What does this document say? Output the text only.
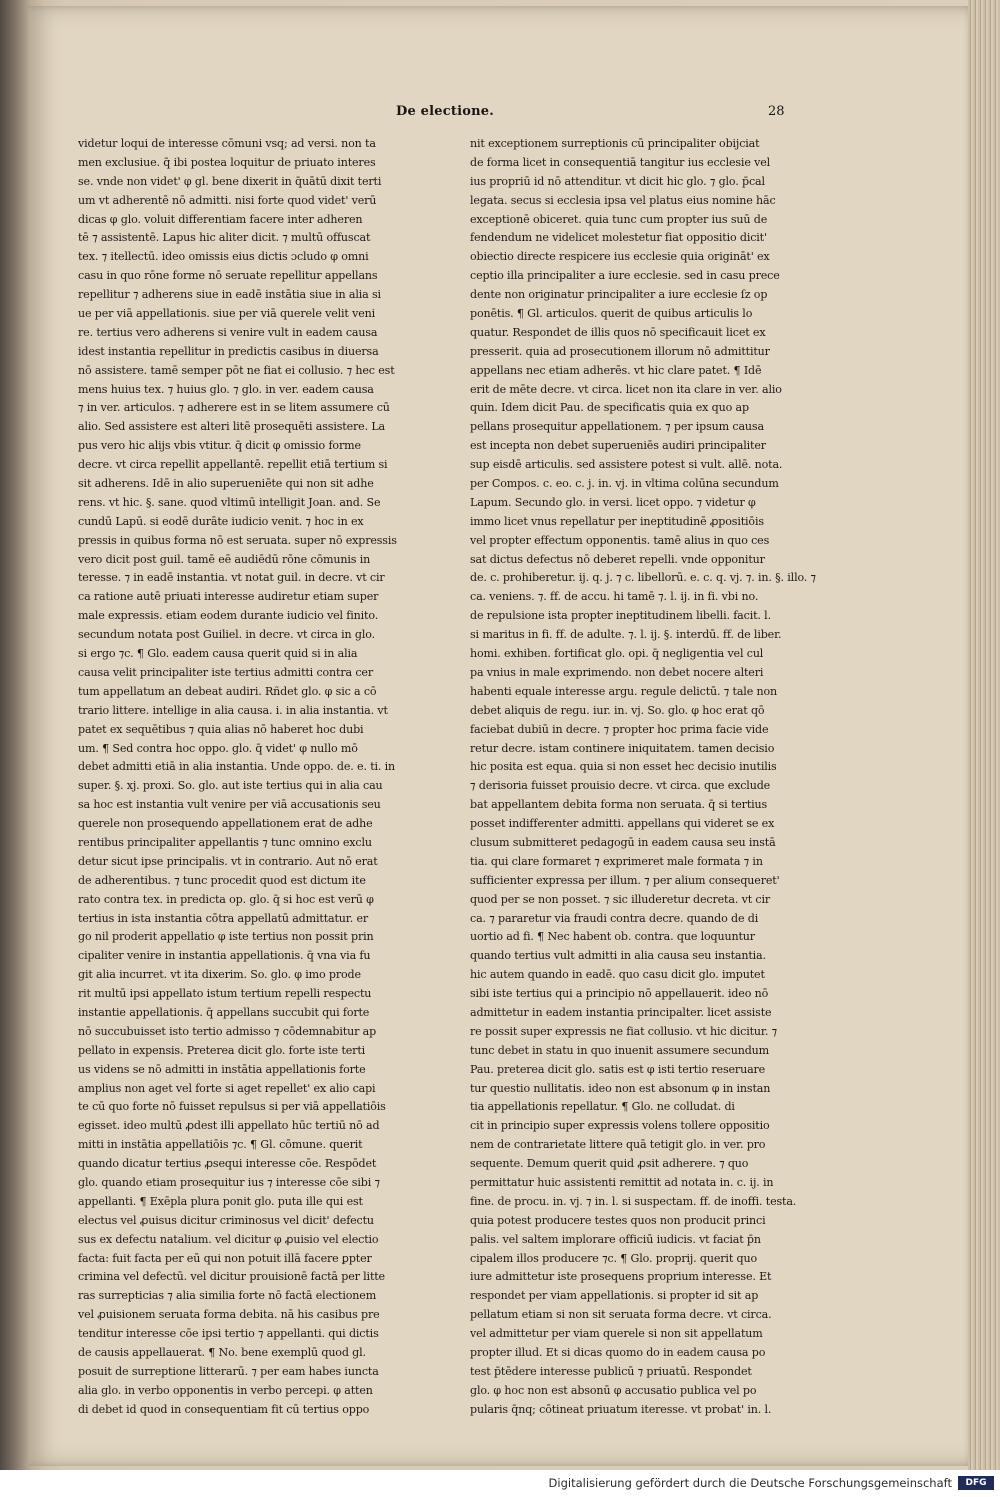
De electione.	28
videtur loqui de interesse cōmuni vsq; ad versi. non ta
men exclusiue. q̄ ibi postea loquitur de priuato interes
se. vnde non videt' φ gl. bene dixerit in q̄uātū dixit terti
um vt adherentē nō admitti. nisi forte quod videt' verū
dicas φ glo. voluit differentiam facere inter adheren
tē ⁊ assistentē. Lapus hic aliter dicit. ⁊ multū offuscat
tex. ⁊ itellectū. ideo omissis eius dictis ɔcludo φ omni
casu in quo rōne forme nō seruate repellitur appellans
repellitur ⁊ adherens siue in eadē instātia siue in alia si
ue per viā appellationis. siue per viā querele velit veni
re. tertius vero adherens si venire vult in eadem causa
idest instantia repellitur in predictis casibus in diuersa
nō assistere. tamē semper pōt ne fiat ei collusio. ⁊ hec est
mens huius tex. ⁊ huius glo. ⁊ glo. in ver. eadem causa
⁊ in ver. articulos. ⁊ adherere est in se litem assumere cū
alio. Sed assistere est alteri litē prosequēti assistere. La
pus vero hic alijs vbis vtitur. q̄ dicit φ omissio forme
decre. vt circa repellit appellantē. repellit etiā tertium si
sit adherens. Idē in alio superueniēte qui non sit adhe
rens. vt hic. §. sane. quod vltimū intelligit Joan. and. Se
cundū Lapū. si eodē durāte iudicio venit. ⁊ hoc in ex
pressis in quibus forma nō est seruata. super nō expressis
vero dicit post guil. tamē eē audiēdū rōne cōmunis in
teresse. ⁊ in eadē instantia. vt notat guil. in decre. vt cir
ca ratione autē priuati interesse audiretur etiam super
male expressis. etiam eodem durante iudicio vel finito.
secundum notata post Guiliel. in decre. vt circa in glo.
si ergo ⁊c. ¶ Glo. eadem causa querit quid si in alia
causa velit principaliter iste tertius admitti contra cer
tum appellatum an debeat audiri. Rñdet glo. φ sic a cō
trario littere. intellige in alia causa. i. in alia instantia. vt
patet ex sequētibus ⁊ quia alias nō haberet hoc dubi
um. ¶ Sed contra hoc oppo. glo. q̄ videt' φ nullo mō
debet admitti etiā in alia instantia. Unde oppo. de. e. ti. in
super. §. xj. proxi. So. glo. aut iste tertius qui in alia cau
sa hoc est instantia vult venire per viā accusationis seu
querele non prosequendo appellationem erat de adhe
rentibus principaliter appellantis ⁊ tunc omnino exclu
detur sicut ipse principalis. vt in contrario. Aut nō erat
de adherentibus. ⁊ tunc procedit quod est dictum ite
rato contra tex. in predicta op. glo. q̄ si hoc est verū φ
tertius in ista instantia cōtra appellatū admittatur. er
go nil proderit appellatio φ iste tertius non possit prin
cipaliter venire in instantia appellationis. q̄ vna via fu
git alia incurret. vt ita dixerim. So. glo. φ imo prode
rit multū ipsi appellato istum tertium repelli respectu
instantie appellationis. q̄ appellans succubit qui forte
nō succubuisset isto tertio admisso ⁊ cōdemnabitur ap
pellato in expensis. Preterea dicit glo. forte iste terti
us videns se nō admitti in instātia appellationis forte
amplius non aget vel forte si aget repellet' ex alio capi
te cū quo forte nō fuisset repulsus si per viā appellatiōis
egisset. ideo multū ꝓdest illi appellato hūc tertiū nō ad
mitti in instātia appellatiōis ⁊c. ¶ Gl. cōmune. querit
quando dicatur tertius ꝓsequi interesse cōe. Respōdet
glo. quando etiam prosequitur ius ⁊ interesse cōe sibi ⁊
appellanti. ¶ Exēpla plura ponit glo. puta ille qui est
electus vel ꝓuisus dicitur criminosus vel dicit' defectu
sus ex defectu natalium. vel dicitur φ ꝓuisio vel electio
facta: fuit facta per eū qui non potuit illā facere ꝑpter
crimina vel defectū. vel dicitur prouisionē factā per litte
ras surrepticias ⁊ alia similia forte nō factā electionem
vel ꝓuisionem seruata forma debita. nā his casibus pre
tenditur interesse cōe ipsi tertio ⁊ appellanti. qui dictis
de causis appellauerat. ¶ No. bene exemplū quod gl.
posuit de surreptione litterarū. ⁊ per eam habes iuncta
alia glo. in verbo opponentis in verbo percepi. φ atten
di debet id quod in consequentiam fit cū tertius oppo
nit exceptionem surreptionis cū principaliter obijciat
de forma licet in consequentiā tangitur ius ecclesie vel
ius propriū id nō attenditur. vt dicit hic glo. ⁊ glo. p̄cal
legata. secus si ecclesia ipsa vel platus eius nomine hāc
exceptionē obiceret. quia tunc cum propter ius suū de
fendendum ne videlicet molestetur fiat oppositio dicit'
obiectio directe respicere ius ecclesie quia origināt' ex
ceptio illa principaliter a iure ecclesie. sed in casu prece
dente non originatur principaliter a iure ecclesie ſz op
ponētis. ¶ Gl. articulos. querit de quibus articulis lo
quatur. Respondet de illis quos nō specificauit licet ex
presserit. quia ad prosecutionem illorum nō admittitur
appellans nec etiam adherēs. vt hic clare patet. ¶ Idē
erit de mēte decre. vt circa. licet non ita clare in ver. alio
quin. Idem dicit Pau. de specificatis quia ex quo ap
pellans prosequitur appellationem. ⁊ per ipsum causa
est incepta non debet superueniēs audiri principaliter
sup eisdē articulis. sed assistere potest si vult. allē. nota.
per Compos. c. eo. c. j. in. vj. in vltima colūna secundum
Lapum. Secundo glo. in versi. licet oppo. ⁊ videtur φ
immo licet vnus repellatur per ineptitudinē ꝓpositiōis
vel propter effectum opponentis. tamē alius in quo ces
sat dictus defectus nō deberet repelli. vnde opponitur
de. c. prohiberetur. ij. q. j. ⁊ c. libellorū. e. c. q. vj. ⁊. in. §. illo. ⁊
ca. veniens. ⁊. ff. de accu. hi tamē ⁊. l. ij. in fi. vbi no.
de repulsione ista propter ineptitudinem libelli. facit. l.
si maritus in fi. ff. de adulte. ⁊. l. ij. §. interdū. ff. de liber.
homi. exhiben. fortificat glo. opi. q̄ negligentia vel cul
pa vnius in male exprimendo. non debet nocere alteri
habenti equale interesse argu. regule delictū. ⁊ tale non
debet aliquis de regu. iur. in. vj. So. glo. φ hoc erat qō
faciebat dubiū in decre. ⁊ propter hoc prima facie vide
retur decre. istam continere iniquitatem. tamen decisio
hic posita est equa. quia si non esset hec decisio inutilis
⁊ derisoria fuisset prouisio decre. vt circa. que exclude
bat appellantem debita forma non seruata. q̄ si tertius
posset indifferenter admitti. appellans qui videret se ex
clusum submitteret pedagogū in eadem causa seu instā
tia. qui clare formaret ⁊ exprimeret male formata ⁊ in
sufficienter expressa per illum. ⁊ per alium consequeret'
quod per se non posset. ⁊ sic illuderetur decreta. vt cir
ca. ⁊ pararetur via fraudi contra decre. quando de di
uortio ad fi. ¶ Nec habent ob. contra. que loquuntur
quando tertius vult admitti in alia causa seu instantia.
hic autem quando in eadē. quo casu dicit glo. imputet
sibi iste tertius qui a principio nō appellauerit. ideo nō
admittetur in eadem instantia principalter. licet assiste
re possit super expressis ne fiat collusio. vt hic dicitur. ⁊
tunc debet in statu in quo inuenit assumere secundum
Pau. preterea dicit glo. satis est φ isti tertio reseruare
tur questio nullitatis. ideo non est absonum φ in instan
tia appellationis repellatur. ¶ Glo. ne colludat. di
cit in principio super expressis volens tollere oppositio
nem de contrarietate littere quā tetigit glo. in ver. pro
sequente. Demum querit quid ꝓsit adherere. ⁊ quo
permittatur huic assistenti remittit ad notata in. c. ij. in
fine. de procu. in. vj. ⁊ in. l. si suspectam. ff. de inoffi. testa.
quia potest producere testes quos non producit princi
palis. vel saltem implorare officiū iudicis. vt faciat p̄n
cipalem illos producere ⁊c. ¶ Glo. proprij. querit quo
iure admittetur iste prosequens proprium interesse. Et
respondet per viam appellationis. si propter id sit ap
pellatum etiam si non sit seruata forma decre. vt circa.
vel admittetur per viam querele si non sit appellatum
propter illud. Et si dicas quomo do in eadem causa po
test p̄tēdere interesse publicū ⁊ priuatū. Respondet
glo. φ hoc non est absonū φ accusatio publica vel po
pularis q̄nq; cōtineat priuatum iteresse. vt probat' in. l.
Digitalisierung gefördert durch die Deutsche Forschungsgemeinschaft	DFG
